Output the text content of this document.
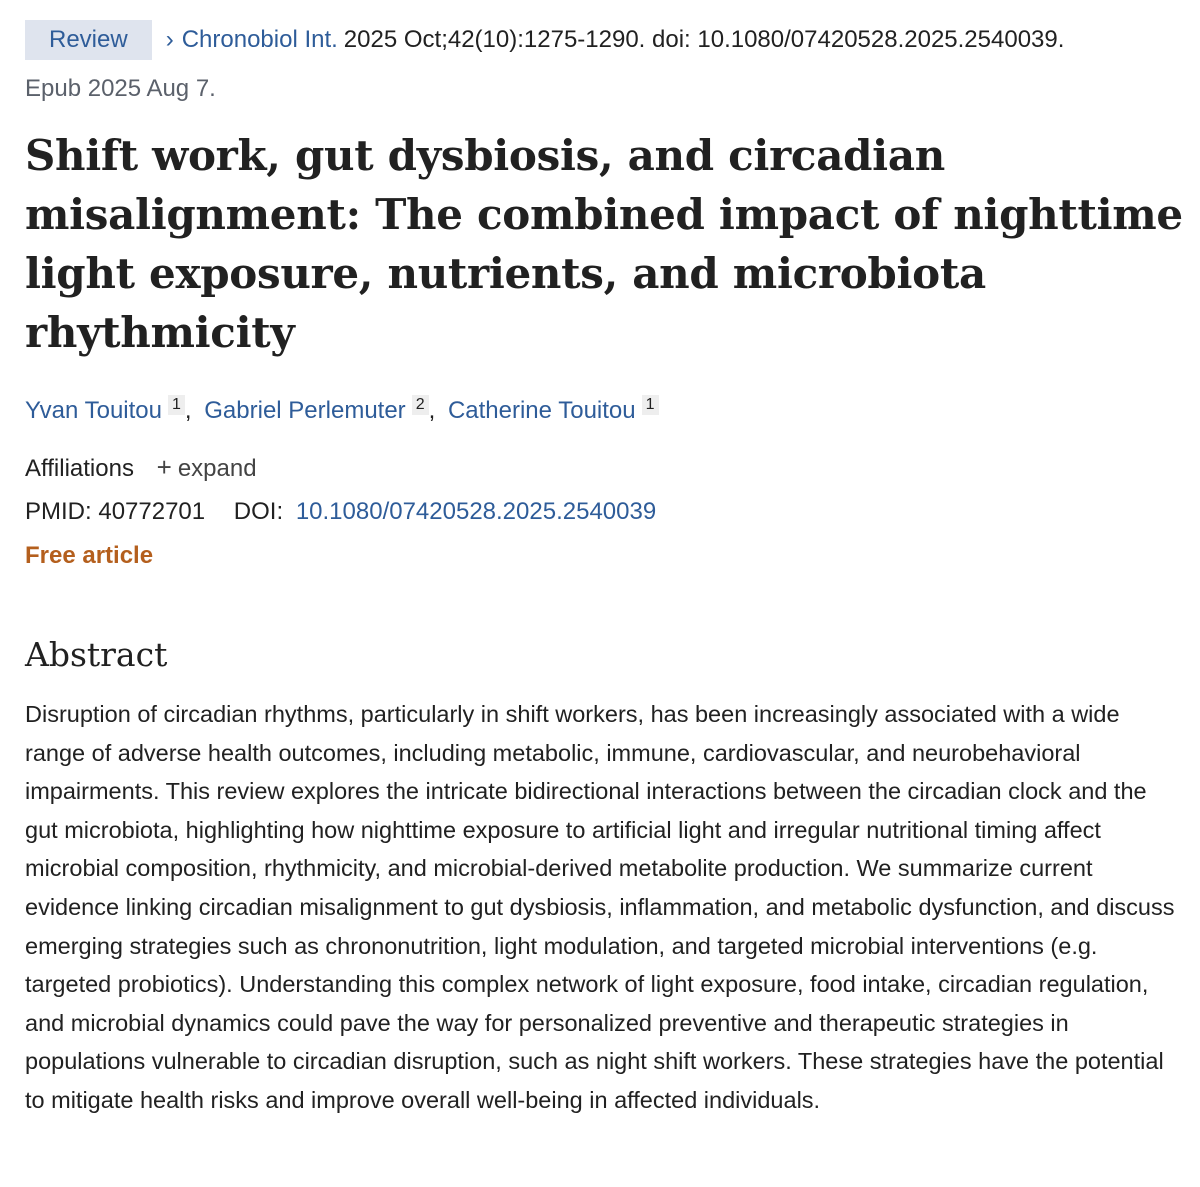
Review	› Chronobiol Int. 2025 Oct;42(10):1275-1290. doi: 10.1080/07420528.2025.2540039.
Epub 2025 Aug 7.
Shift work, gut dysbiosis, and circadian misalignment: The combined impact of nighttime light exposure, nutrients, and microbiota rhythmicity
Yvan Touitou 1 , Gabriel Perlemuter 2 , Catherine Touitou 1
Affiliations + expand
PMID: 40772701 DOI: 10.1080/07420528.2025.2540039
Free article
Abstract
Disruption of circadian rhythms, particularly in shift workers, has been increasingly associated with a wide range of adverse health outcomes, including metabolic, immune, cardiovascular, and neurobehavioral impairments. This review explores the intricate bidirectional interactions between the circadian clock and the gut microbiota, highlighting how nighttime exposure to artificial light and irregular nutritional timing affect microbial composition, rhythmicity, and microbial-derived metabolite production. We summarize current evidence linking circadian misalignment to gut dysbiosis, inflammation, and metabolic dysfunction, and discuss emerging strategies such as chrononutrition, light modulation, and targeted microbial interventions (e.g. targeted probiotics). Understanding this complex network of light exposure, food intake, circadian regulation, and microbial dynamics could pave the way for personalized preventive and therapeutic strategies in populations vulnerable to circadian disruption, such as night shift workers. These strategies have the potential to mitigate health risks and improve overall well-being in affected individuals.
